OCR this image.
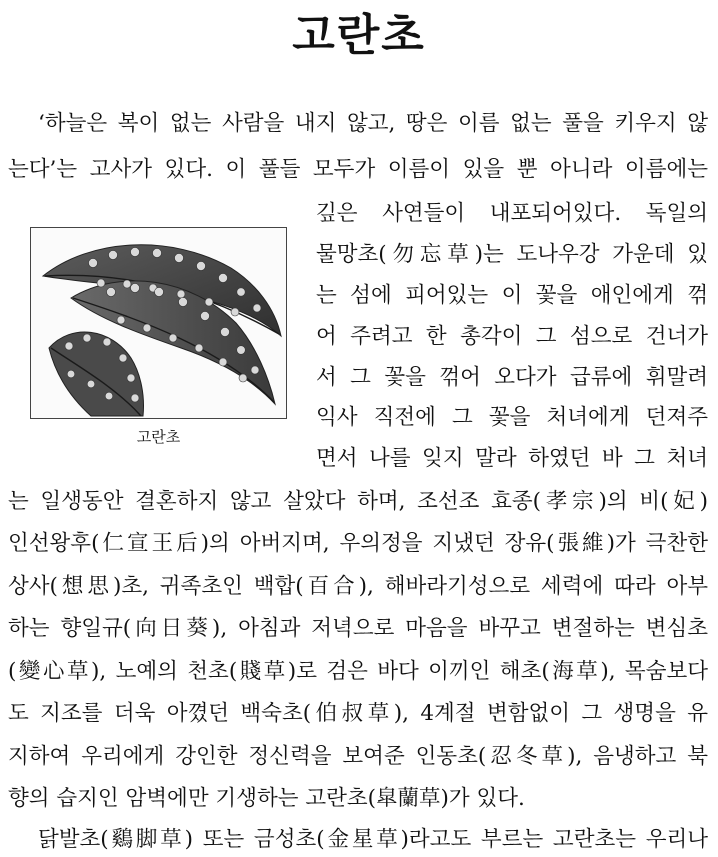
고란초
‘하늘은 복이 없는 사람을 내지 않고, 땅은 이름 없는 풀을 키우지 않
는다’는 고사가 있다. 이 풀들 모두가 이름이 있을 뿐 아니라 이름에는
깊은 사연들이 내포되어있다. 독일의
물망초(勿忘草)는 도나우강 가운데 있
는 섬에 피어있는 이 꽃을 애인에게 꺾
어 주려고 한 총각이 그 섬으로 건너가
서 그 꽃을 꺾어 오다가 급류에 휘말려
익사 직전에 그 꽃을 처녀에게 던져주
면서 나를 잊지 말라 하였던 바 그 처녀
는 일생동안 결혼하지 않고 살았다 하며, 조선조 효종(孝宗)의 비(妃)
인선왕후(仁宣王后)의 아버지며, 우의정을 지냈던 장유(張維)가 극찬한
상사(想思)초, 귀족초인 백합(百合), 해바라기성으로 세력에 따라 아부
하는 향일규(向日葵), 아침과 저녁으로 마음을 바꾸고 변절하는 변심초
(變心草), 노예의 천초(賤草)로 검은 바다 이끼인 해초(海草), 목숨보다
도 지조를 더욱 아꼈던 백숙초(伯叔草), 4계절 변함없이 그 생명을 유
지하여 우리에게 강인한 정신력을 보여준 인동초(忍冬草), 음냉하고 북
향의 습지인 암벽에만 기생하는 고란초(皐蘭草)가 있다.
닭발초(鷄脚草) 또는 금성초(金星草)라고도 부르는 고란초는 우리나
고란초
